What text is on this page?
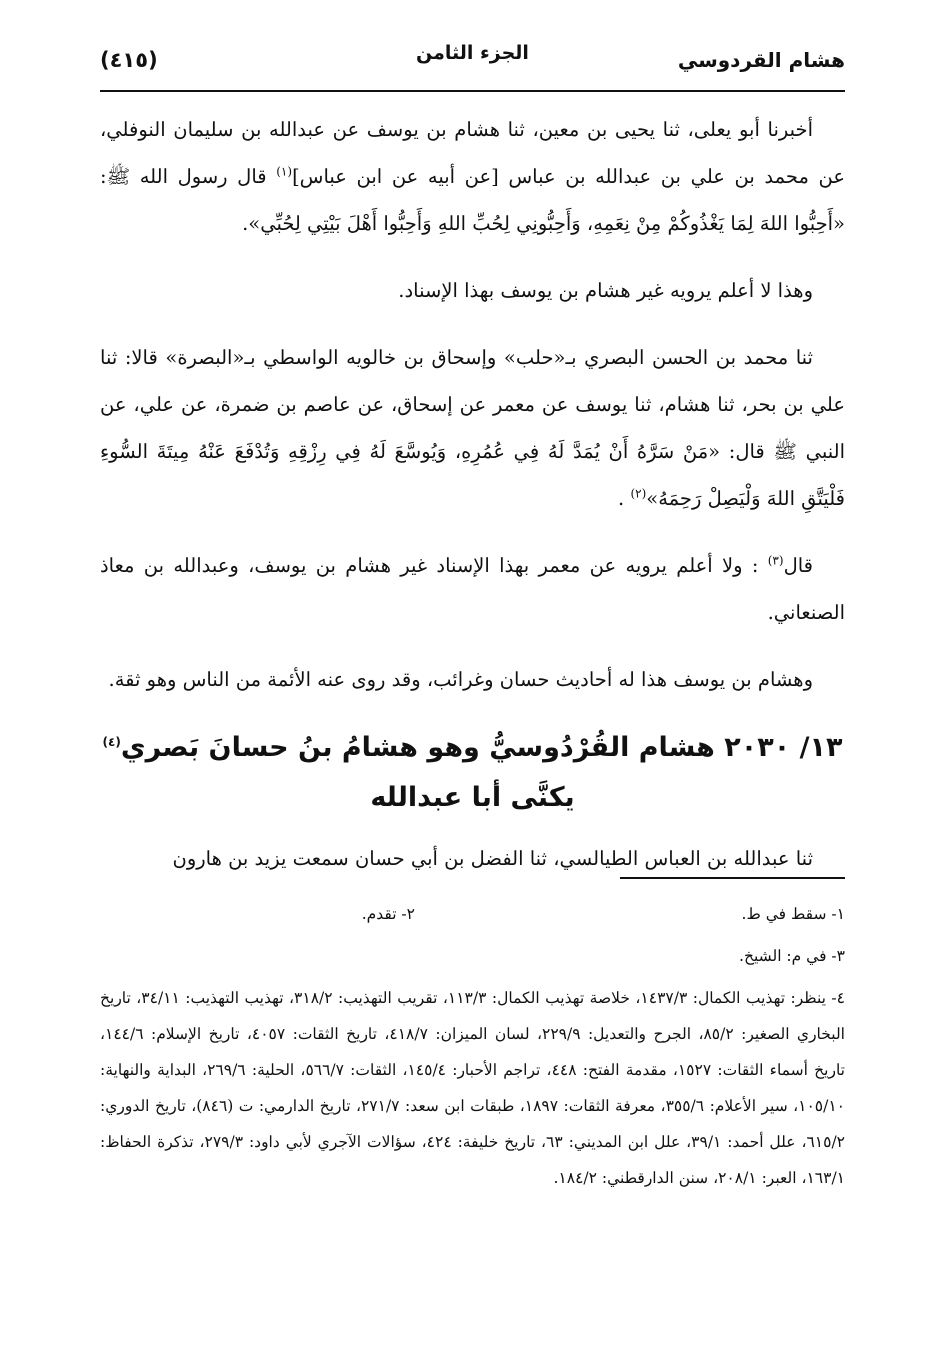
هشام القردوسي
الجزء الثامن
(٤١٥)

أخبرنا أبو يعلى، ثنا يحيى بن معين، ثنا هشام بن يوسف عن عبدالله بن سليمان النوفلي، عن محمد بن علي بن عبدالله بن عباس [عن أبيه عن ابن عباس]$^{(١)}$ قال رسول الله ﷺ: «أَحِبُّوا اللهَ لِمَا يَغْذُوكُمْ مِنْ نِعَمِهِ، وَأَحِبُّونِي لِحُبِّ اللهِ وَأَحِبُّوا أَهْلَ بَيْتِي لِحُبِّي».

وهذا لا أعلم يرويه غير هشام بن يوسف بهذا الإسناد.

ثنا محمد بن الحسن البصري بـ«حلب» وإسحاق بن خالويه الواسطي بـ«البصرة» قالا: ثنا علي بن بحر، ثنا هشام، ثنا يوسف عن معمر عن إسحاق، عن عاصم بن ضمرة، عن علي، عن النبي ﷺ قال: «مَنْ سَرَّهُ أَنْ يُمَدَّ لَهُ فِي عُمُرِهِ، وَيُوسَّعَ لَهُ فِي رِزْقِهِ وَتُدْفَعَ عَنْهُ مِيتَةَ السُّوءِ فَلْيَتَّقِ اللهَ وَلْيَصِلْ رَحِمَهُ»$^{(٢)}$ .

قال$^{(٣)}$ : ولا أعلم يرويه عن معمر بهذا الإسناد غير هشام بن يوسف، وعبدالله بن معاذ الصنعاني.

وهشام بن يوسف هذا له أحاديث حسان وغرائب، وقد روى عنه الأئمة من الناس وهو ثقة.

١٣/ ٢٠٣٠ هشام القُرْدُوسيُّ وهو هشامُ بنُ حسانَ بَصري$^{(٤)}$
يكنَّى أبا عبدالله

ثنا عبدالله بن العباس الطيالسي، ثنا الفضل بن أبي حسان سمعت يزيد بن هارون

١- سقط في ط.
٢- تقدم.

٣- في م: الشيخ.

٤- ينظر: تهذيب الكمال: ١٤٣٧/٣، خلاصة تهذيب الكمال: ١١٣/٣، تقريب التهذيب: ٣١٨/٢، تهذيب التهذيب: ٣٤/١١، تاريخ البخاري الصغير: ٨٥/٢، الجرح والتعديل: ٢٢٩/٩، لسان الميزان: ٤١٨/٧، تاريخ الثقات: ٤٠٥٧، تاريخ الإسلام: ١٤٤/٦، تاريخ أسماء الثقات: ١٥٢٧، مقدمة الفتح: ٤٤٨، تراجم الأحبار: ١٤٥/٤، الثقات: ٥٦٦/٧، الحلية: ٢٦٩/٦، البداية والنهاية: ١٠٥/١٠، سير الأعلام: ٣٥٥/٦، معرفة الثقات: ١٨٩٧، طبقات ابن سعد: ٢٧١/٧، تاريخ الدارمي: ت (٨٤٦)، تاريخ الدوري: ٦١٥/٢، علل أحمد: ٣٩/١، علل ابن المديني: ٦٣، تاريخ خليفة: ٤٢٤، سؤالات الآجري لأبي داود: ٢٧٩/٣، تذكرة الحفاظ: ١٦٣/١، العبر: ٢٠٨/١، سنن الدارقطني: ١٨٤/٢.
